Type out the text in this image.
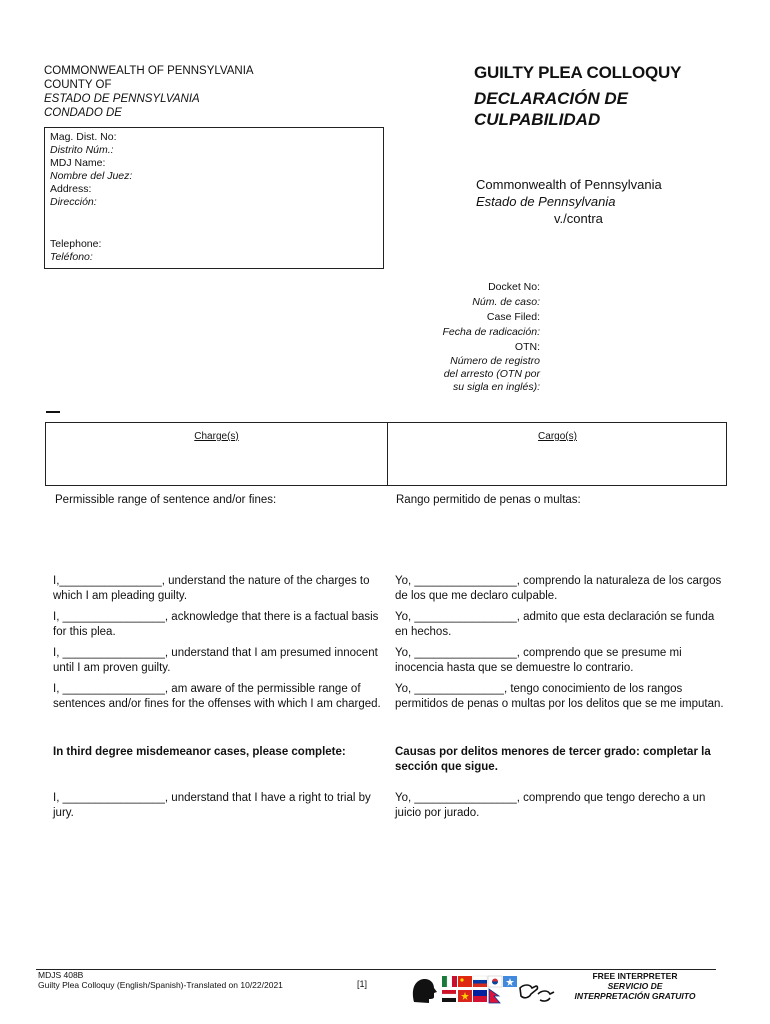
COMMONWEALTH OF PENNSYLVANIA
COUNTY OF
ESTADO DE PENNSYLVANIA
CONDADO DE
Mag. Dist. No:
Distrito Núm.:
MDJ Name:
Nombre del Juez:
Address:
Dirección:
Telephone:
Teléfono:
GUILTY PLEA COLLOQUY
DECLARACIÓN DE
CULPABILIDAD
Commonwealth of Pennsylvania
Estado de Pennsylvania
v./contra
Docket No:
Núm. de caso:
Case Filed:
Fecha de radicación:
OTN:
Número de registro
del arresto (OTN por
su sigla en inglés):
Charge(s)	Cargo(s)
Permissible range of sentence and/or fines:	Rango permitido de penas o multas:
I,________________, understand the nature of the charges to which I am pleading guilty.
Yo, ________________, comprendo la naturaleza de los cargos de los que me declaro culpable.
I, ________________, acknowledge that there is a factual basis for this plea.
Yo, ________________, admito que esta declaración se funda en hechos.
I, ________________, understand that I am presumed innocent until I am proven guilty.
Yo, ________________, comprendo que se presume mi inocencia hasta que se demuestre lo contrario.
I, ________________, am aware of the permissible range of sentences and/or fines for the offenses with which I am charged.
Yo, ______________, tengo conocimiento de los rangos permitidos de penas o multas por los delitos que se me imputan.
In third degree misdemeanor cases, please complete:	Causas por delitos menores de tercer grado: completar la sección que sigue.
I, ________________, understand that I have a right to trial by jury.
Yo, ________________, comprendo que tengo derecho a un juicio por jurado.
MDJS 408B
Guilty Plea Colloquy (English/Spanish)-Translated on 10/22/2021	[1]
FREE INTERPRETER
SERVICIO DE
INTERPRETACIÓN GRATUITO
